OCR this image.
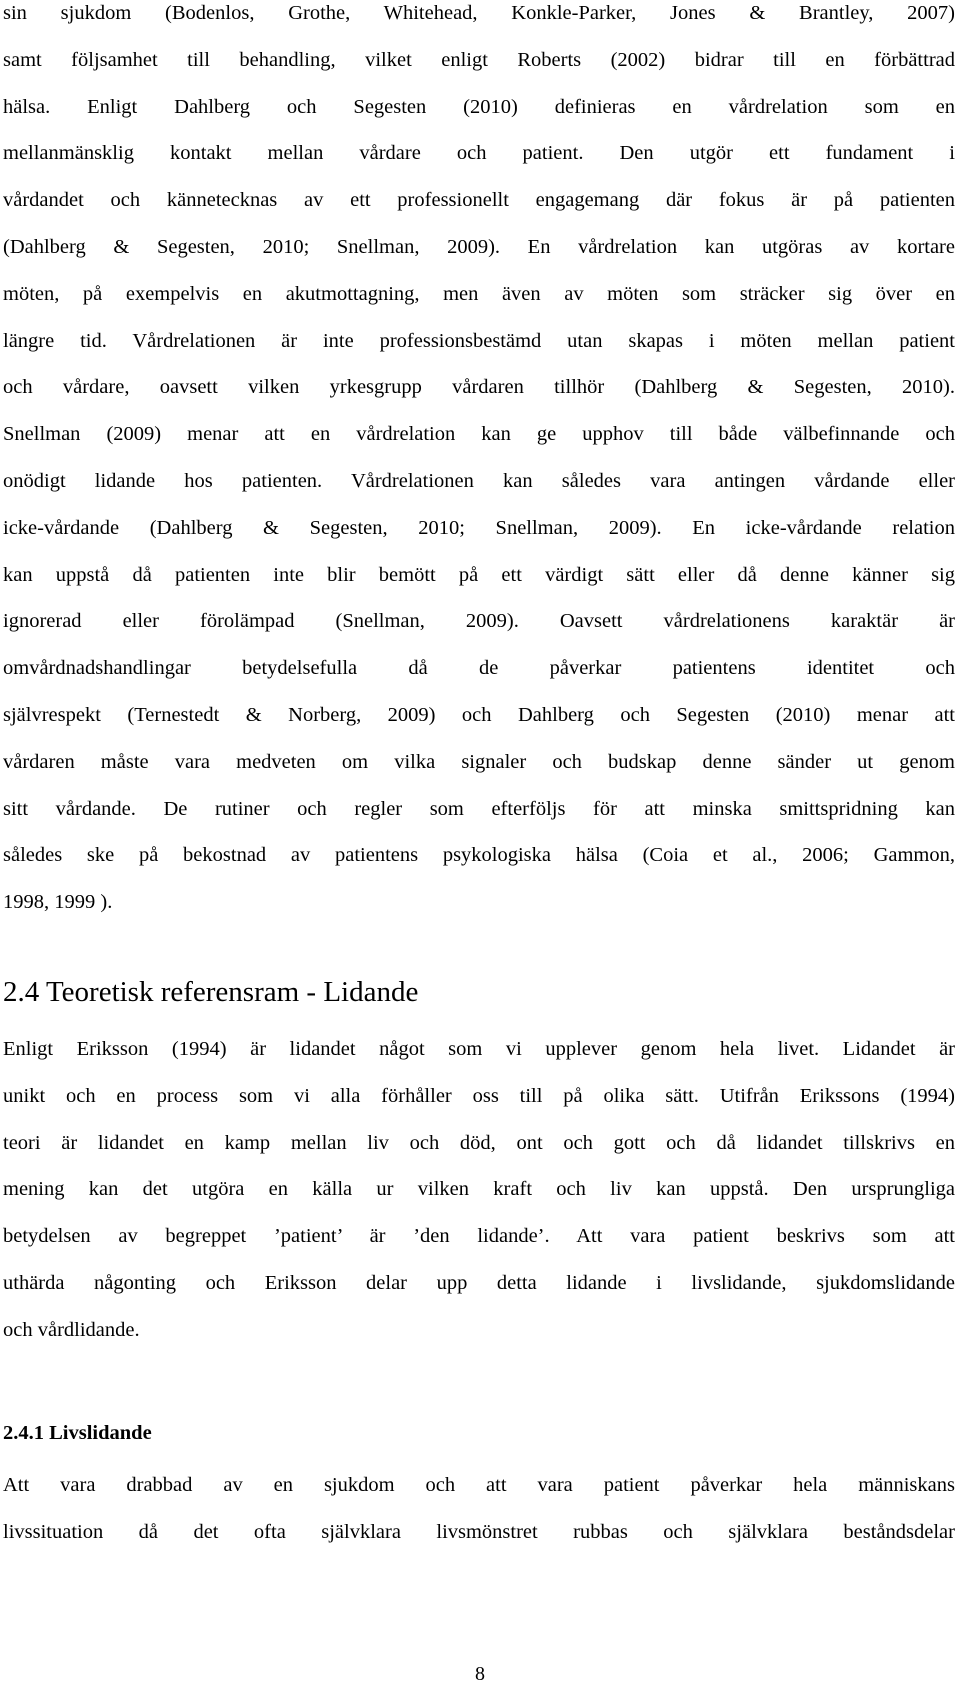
sin sjukdom (Bodenlos, Grothe, Whitehead, Konkle-Parker, Jones & Brantley, 2007)
samt följsamhet till behandling, vilket enligt Roberts (2002) bidrar till en förbättrad
hälsa. Enligt Dahlberg och Segesten (2010) definieras en vårdrelation som en
mellanmänsklig kontakt mellan vårdare och patient. Den utgör ett fundament i
vårdandet och kännetecknas av ett professionellt engagemang där fokus är på patienten
(Dahlberg & Segesten, 2010; Snellman, 2009). En vårdrelation kan utgöras av kortare
möten, på exempelvis en akutmottagning, men även av möten som sträcker sig över en
längre tid. Vårdrelationen är inte professionsbestämd utan skapas i möten mellan patient
och vårdare, oavsett vilken yrkesgrupp vårdaren tillhör (Dahlberg & Segesten, 2010).
Snellman (2009) menar att en vårdrelation kan ge upphov till både välbefinnande och
onödigt lidande hos patienten. Vårdrelationen kan således vara antingen vårdande eller
icke-vårdande (Dahlberg & Segesten, 2010; Snellman, 2009). En icke-vårdande relation
kan uppstå då patienten inte blir bemött på ett värdigt sätt eller då denne känner sig
ignorerad eller förolämpad (Snellman, 2009). Oavsett vårdrelationens karaktär är
omvårdnadshandlingar betydelsefulla då de påverkar patientens identitet och
självrespekt (Ternestedt & Norberg, 2009) och Dahlberg och Segesten (2010) menar att
vårdaren måste vara medveten om vilka signaler och budskap denne sänder ut genom
sitt vårdande. De rutiner och regler som efterföljs för att minska smittspridning kan
således ske på bekostnad av patientens psykologiska hälsa (Coia et al., 2006; Gammon,
1998, 1999 ).
2.4 Teoretisk referensram - Lidande
Enligt Eriksson (1994) är lidandet något som vi upplever genom hela livet. Lidandet är
unikt och en process som vi alla förhåller oss till på olika sätt. Utifrån Erikssons (1994)
teori är lidandet en kamp mellan liv och död, ont och gott och då lidandet tillskrivs en
mening kan det utgöra en källa ur vilken kraft och liv kan uppstå. Den ursprungliga
betydelsen av begreppet ’patient’ är ’den lidande’. Att vara patient beskrivs som att
uthärda någonting och Eriksson delar upp detta lidande i livslidande, sjukdomslidande
och vårdlidande.
2.4.1 Livslidande
Att vara drabbad av en sjukdom och att vara patient påverkar hela människans
livssituation då det ofta självklara livsmönstret rubbas och självklara beståndsdelar
8
